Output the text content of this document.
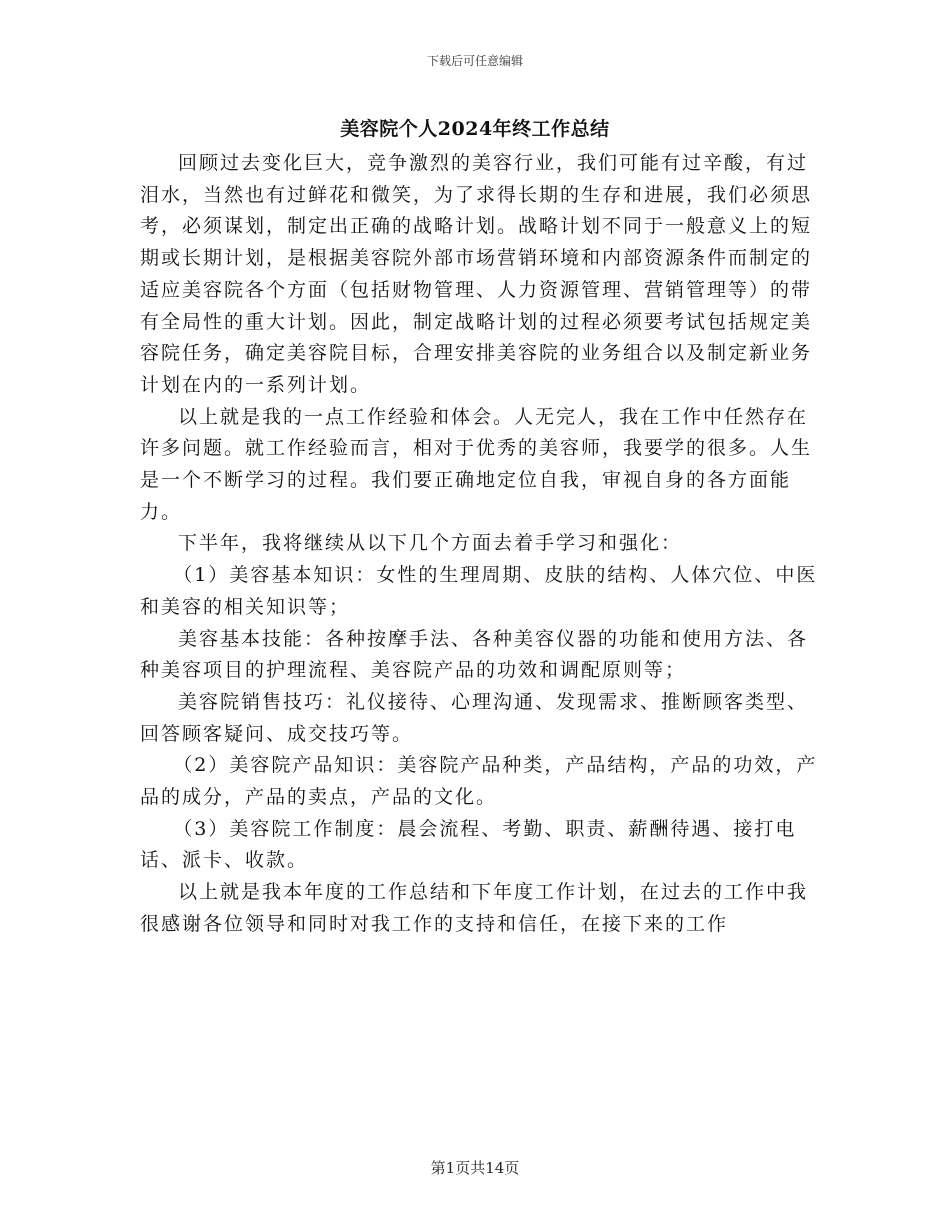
下载后可任意编辑
美容院个人2024年终工作总结

回顾过去变化巨大，竞争激烈的美容行业，我们可能有过辛酸，有过泪水，当然也有过鲜花和微笑，为了求得长期的生存和进展，我们必须思考，必须谋划，制定出正确的战略计划。战略计划不同于一般意义上的短期或长期计划，是根据美容院外部市场营销环境和内部资源条件而制定的适应美容院各个方面（包括财物管理、人力资源管理、营销管理等）的带有全局性的重大计划。因此，制定战略计划的过程必须要考试包括规定美容院任务，确定美容院目标，合理安排美容院的业务组合以及制定新业务计划在内的一系列计划。

以上就是我的一点工作经验和体会。人无完人，我在工作中任然存在许多问题。就工作经验而言，相对于优秀的美容师，我要学的很多。人生是一个不断学习的过程。我们要正确地定位自我，审视自身的各方面能力。

下半年，我将继续从以下几个方面去着手学习和强化：

（1）美容基本知识：女性的生理周期、皮肤的结构、人体穴位、中医和美容的相关知识等；

美容基本技能：各种按摩手法、各种美容仪器的功能和使用方法、各种美容项目的护理流程、美容院产品的功效和调配原则等；

美容院销售技巧：礼仪接待、心理沟通、发现需求、推断顾客类型、回答顾客疑问、成交技巧等。

（2）美容院产品知识：美容院产品种类，产品结构，产品的功效，产品的成分，产品的卖点，产品的文化。

（3）美容院工作制度：晨会流程、考勤、职责、薪酬待遇、接打电话、派卡、收款。

以上就是我本年度的工作总结和下年度工作计划，在过去的工作中我很感谢各位领导和同时对我工作的支持和信任，在接下来的工作

第1页共14页
